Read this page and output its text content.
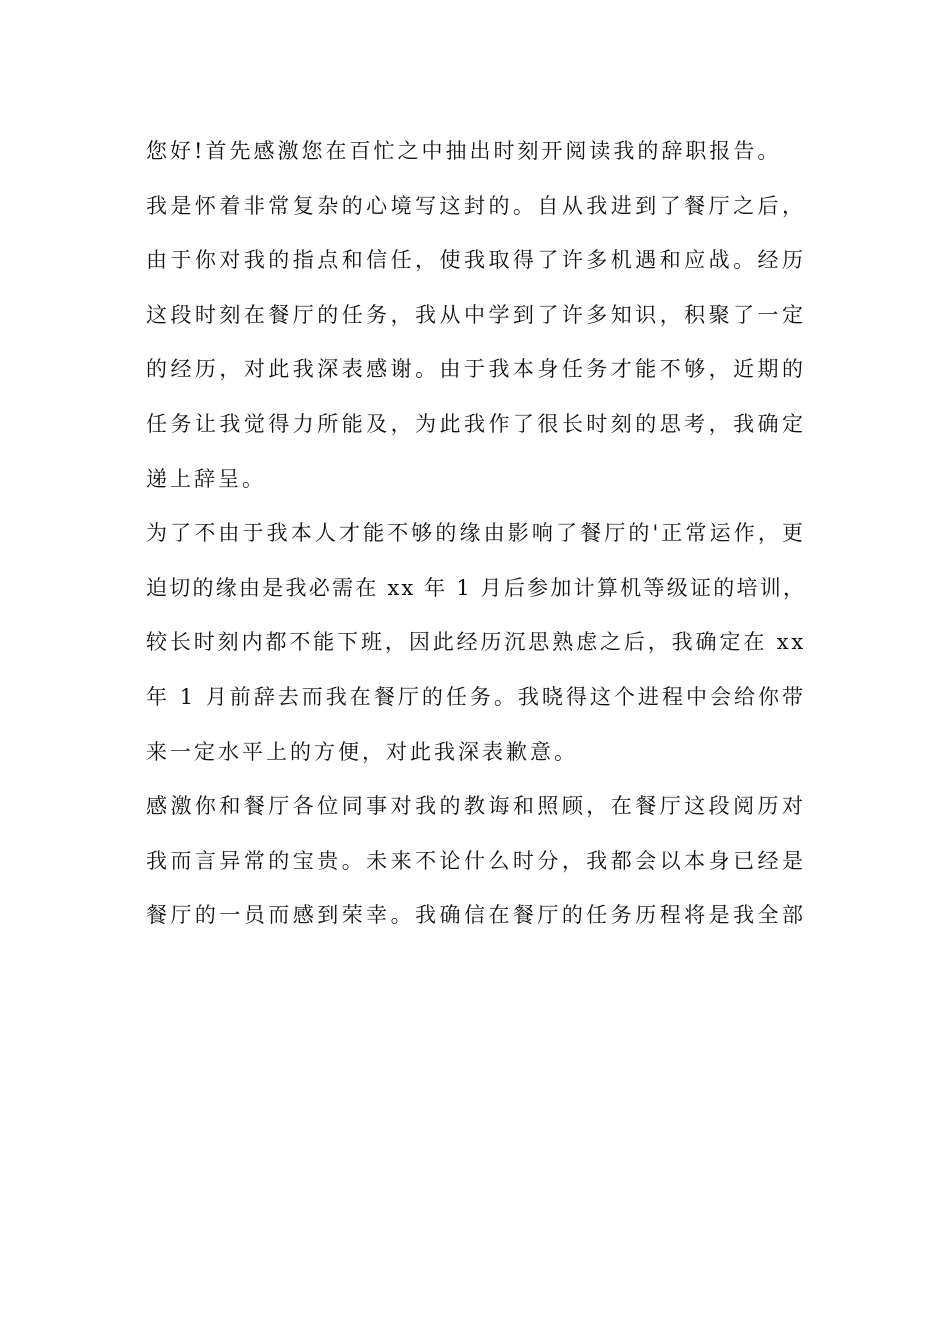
您好!首先感激您在百忙之中抽出时刻开阅读我的辞职报告。
我是怀着非常复杂的心境写这封的。自从我进到了餐厅之后，
由于你对我的指点和信任，使我取得了许多机遇和应战。经历
这段时刻在餐厅的任务，我从中学到了许多知识，积聚了一定
的经历，对此我深表感谢。由于我本身任务才能不够，近期的
任务让我觉得力所能及，为此我作了很长时刻的思考，我确定
递上辞呈。
为了不由于我本人才能不够的缘由影响了餐厅的'正常运作，更
迫切的缘由是我必需在 xx 年 1 月后参加计算机等级证的培训，
较长时刻内都不能下班，因此经历沉思熟虑之后，我确定在 xx
年 1 月前辞去而我在餐厅的任务。我晓得这个进程中会给你带
来一定水平上的方便，对此我深表歉意。
感激你和餐厅各位同事对我的教诲和照顾，在餐厅这段阅历对
我而言异常的宝贵。未来不论什么时分，我都会以本身已经是
餐厅的一员而感到荣幸。我确信在餐厅的任务历程将是我全部
